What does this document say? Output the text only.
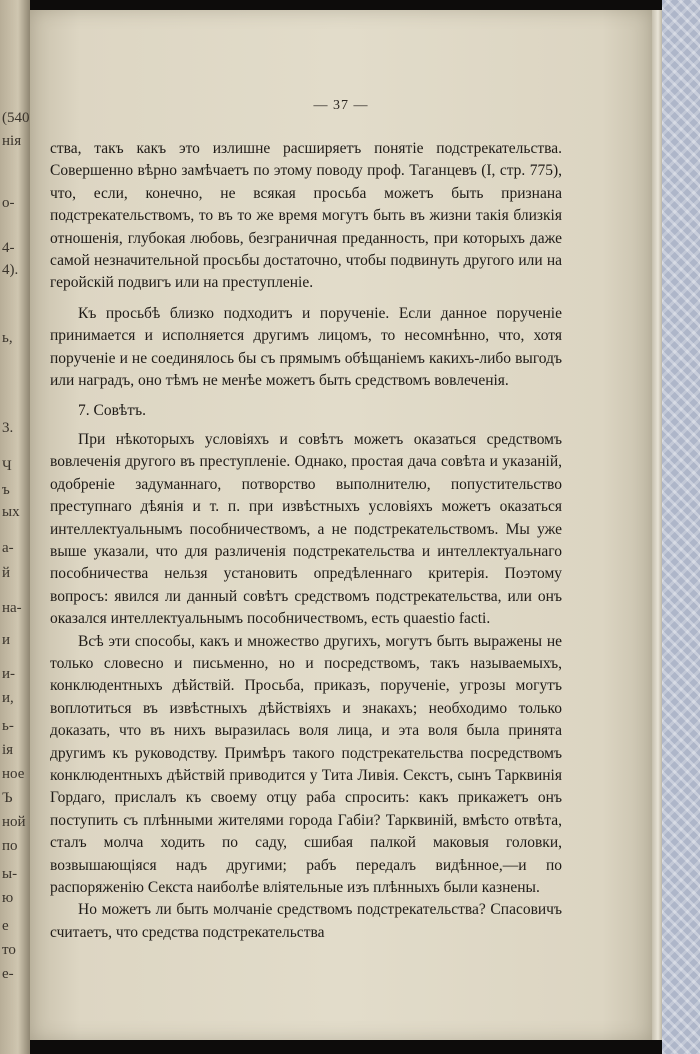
(540
нія
о-
4-
4).
ь,
3.
Ч
ъ
ых
а-
й
на-
и
и-
и,
ь-
ія
ное
Ъ
ной
по
ы-
ю
е
то
е-
— 37 —

ства, такъ какъ это излишне расширяетъ понятіе подстрекательства. Совершенно вѣрно замѣчаетъ по этому поводу проф. Таганцевъ (I, стр. 775), что, если, конечно, не всякая просьба можетъ быть признана подстрекательствомъ, то въ то же время могутъ быть въ жизни такія близкія отношенія, глубокая любовь, безграничная преданность, при которыхъ даже самой незначительной просьбы достаточно, чтобы подвинуть другого или на геройскій подвигъ или на преступленіе.

Къ просьбѣ близко подходитъ и порученіе. Если данное порученіе принимается и исполняется другимъ лицомъ, то несомнѣнно, что, хотя порученіе и не соединялось бы съ прямымъ обѣщаніемъ какихъ-либо выгодъ или наградъ, оно тѣмъ не менѣе можетъ быть средствомъ вовлеченія.

7. Совѣтъ.

При нѣкоторыхъ условіяхъ и совѣтъ можетъ оказаться средствомъ вовлеченія другого въ преступленіе. Однако, простая дача совѣта и указаній, одобреніе задуманнаго, потворство выполнителю, попустительство преступнаго дѣянія и т. п. при извѣстныхъ условіяхъ можетъ оказаться интеллектуальнымъ пособничествомъ, а не подстрекательствомъ. Мы уже выше указали, что для различенія подстрекательства и интеллектуальнаго пособничества нельзя установить опредѣленнаго критерія. Поэтому вопросъ: явился ли данный совѣтъ средствомъ подстрекательства, или онъ оказался интеллектуальнымъ пособничествомъ, есть quaestio facti.

Всѣ эти способы, какъ и множество другихъ, могутъ быть выражены не только словесно и письменно, но и посредствомъ, такъ называемыхъ, конклюдентныхъ дѣйствій. Просьба, приказъ, порученіе, угрозы могутъ воплотиться въ извѣстныхъ дѣйствіяхъ и знакахъ; необходимо только доказать, что въ нихъ выразилась воля лица, и эта воля была принята другимъ къ руководству. Примѣръ такого подстрекательства посредствомъ конклюдентныхъ дѣйствій приводится у Тита Ливія. Секстъ, сынъ Тарквинія Гордаго, прислалъ къ своему отцу раба спросить: какъ прикажетъ онъ поступить съ плѣнными жителями города Габіи? Тарквиній, вмѣсто отвѣта, сталъ молча ходить по саду, сшибая палкой маковыя головки, возвышающіяся надъ другими; рабъ передалъ видѣнное,—и по распоряженію Секста наиболѣе вліятельные изъ плѣнныхъ были казнены.

Но можетъ ли быть молчаніе средствомъ подстрекательства? Спасовичъ считаетъ, что средства подстрекательства
